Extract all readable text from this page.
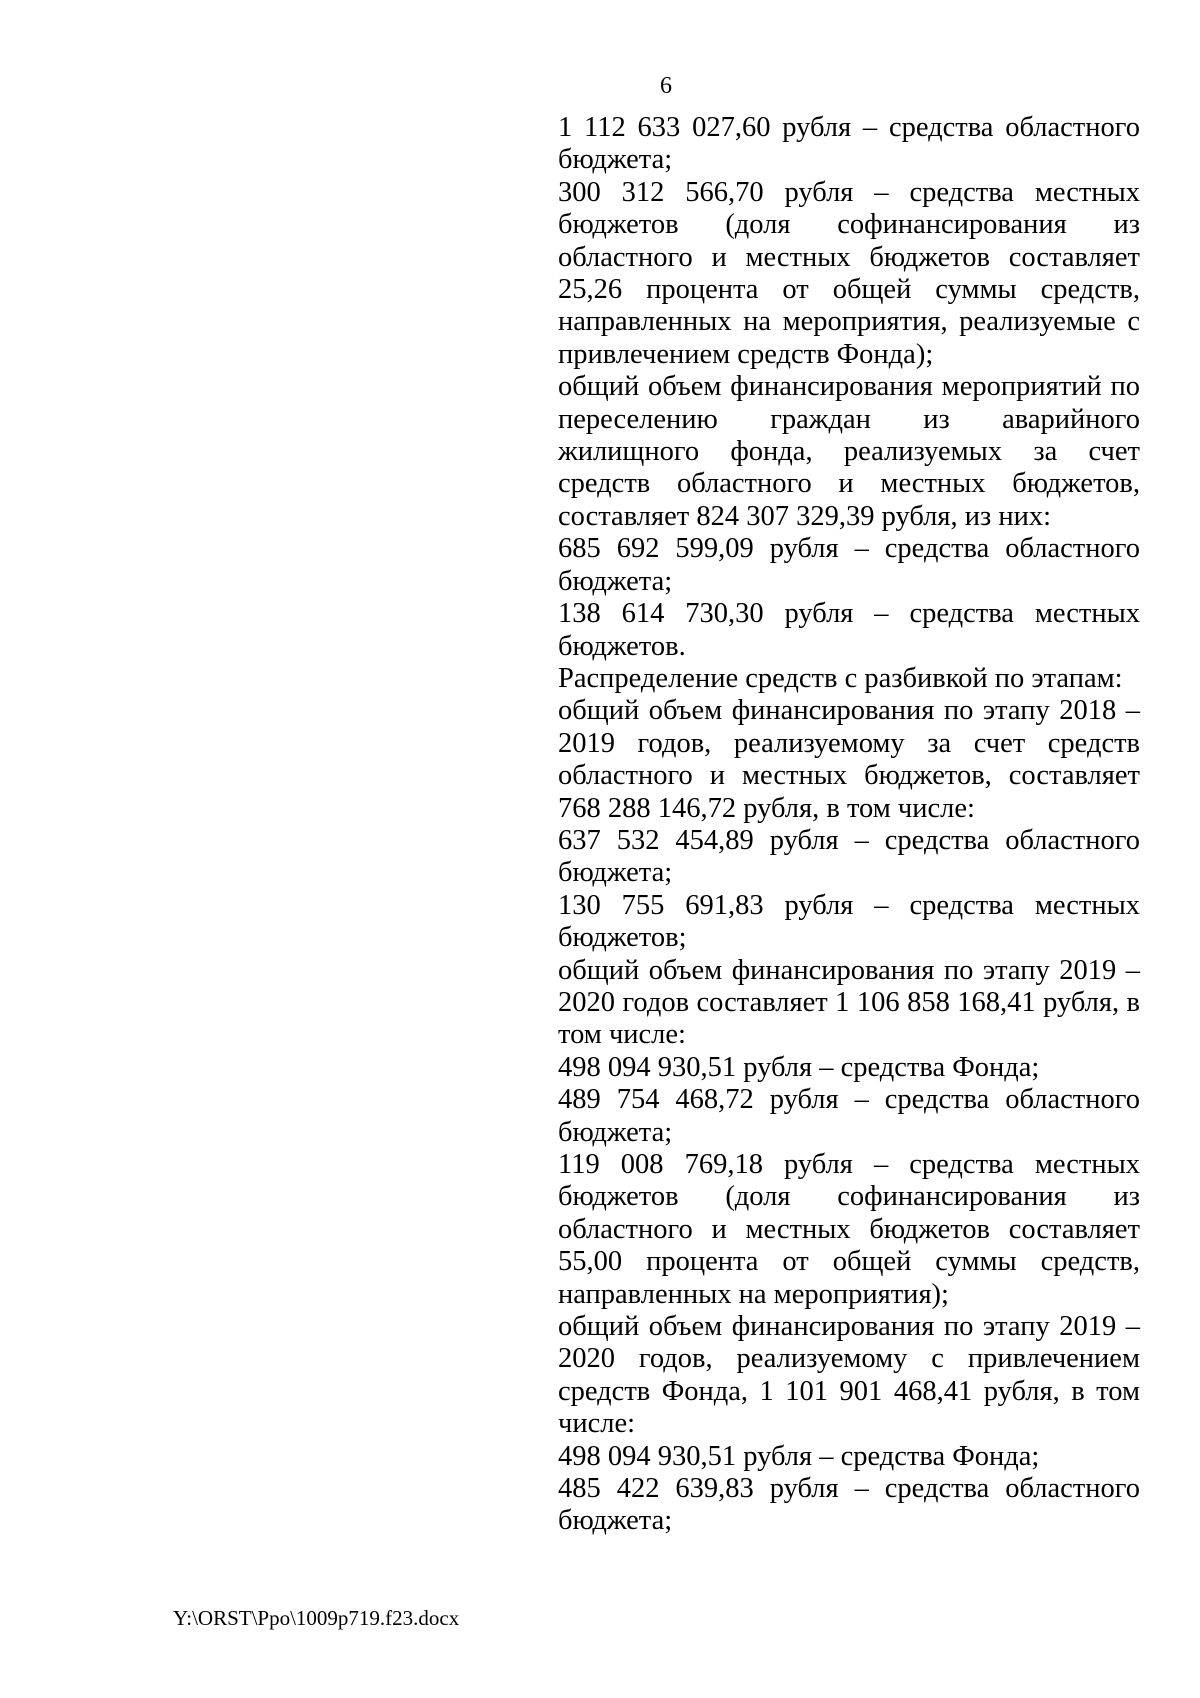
6

1 112 633 027,60 рубля – средства областного бюджета;

300 312 566,70 рубля – средства местных бюджетов (доля софинансирования из областного и местных бюджетов составляет 25,26 процента от общей суммы средств, направленных на мероприятия, реализуемые с привлечением средств Фонда);

общий объем финансирования мероприятий по переселению граждан из аварийного жилищного фонда, реализуемых за счет средств областного и местных бюджетов, составляет 824 307 329,39 рубля, из них:

685 692 599,09 рубля – средства областного бюджета;

138 614 730,30 рубля – средства местных бюджетов.

Распределение средств с разбивкой по этапам:

общий объем финансирования по этапу 2018 – 2019 годов, реализуемому за счет средств областного и местных бюджетов, составляет 768 288 146,72 рубля, в том числе:

637 532 454,89 рубля – средства областного бюджета;

130 755 691,83 рубля – средства местных бюджетов;

общий объем финансирования по этапу 2019 – 2020 годов составляет 1 106 858 168,41 рубля, в том числе:

498 094 930,51 рубля – средства Фонда;

489 754 468,72 рубля – средства областного бюджета;

119 008 769,18 рубля – средства местных бюджетов (доля софинансирования из областного и местных бюджетов составляет 55,00 процента от общей суммы средств, направленных на мероприятия);

общий объем финансирования по этапу 2019 – 2020 годов, реализуемому с привлечением средств Фонда, 1 101 901 468,41 рубля, в том числе:

498 094 930,51 рубля – средства Фонда;

485 422 639,83 рубля – средства областного бюджета;

Y:\ORST\Ppo\1009p719.f23.docx
